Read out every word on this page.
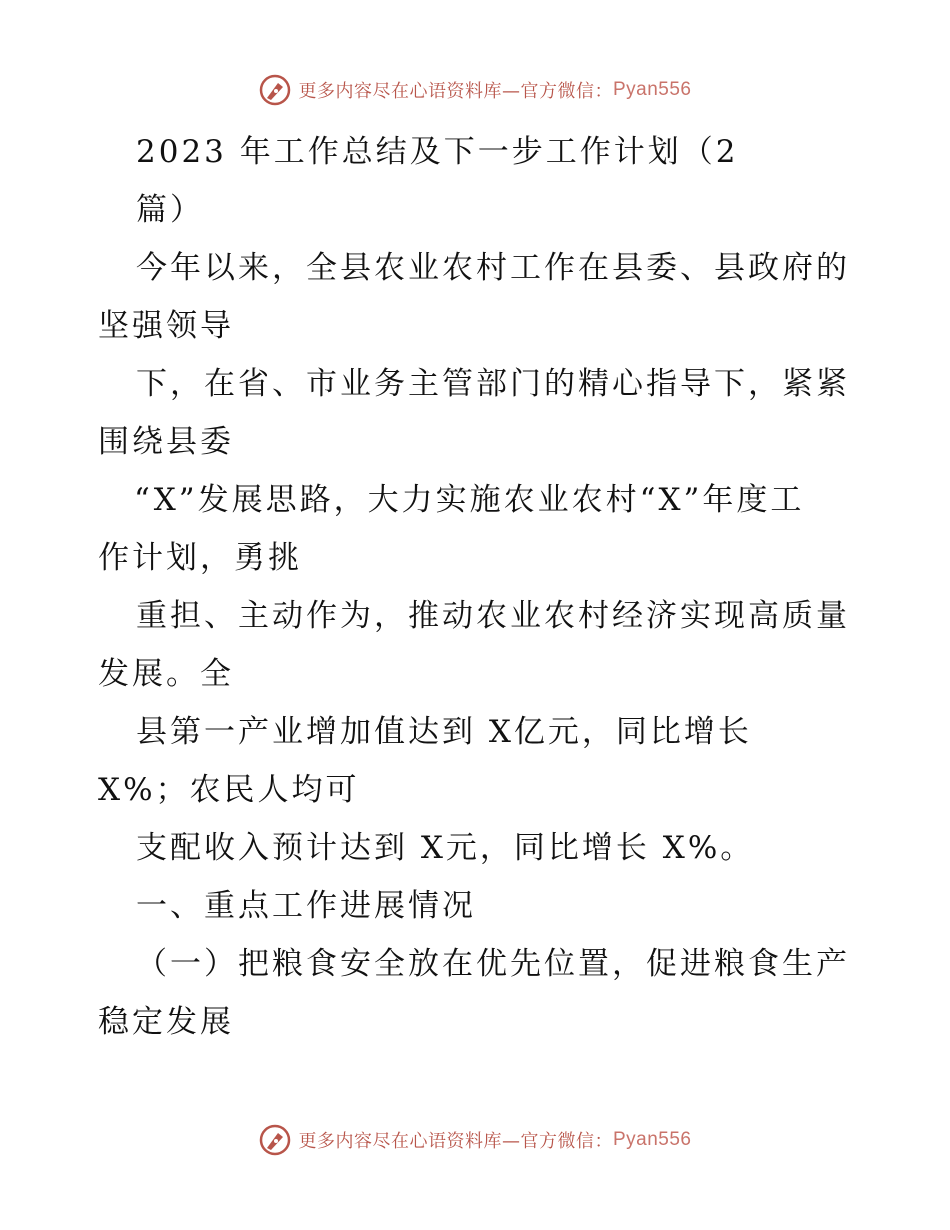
更多内容尽在心语资料库—官方微信： Pyan556
2023 年工作总结及下一步工作计划（2
篇）
今年以来，全县农业农村工作在县委、县政府的
坚强领导
下，在省、市业务主管部门的精心指导下，紧紧
围绕县委
“X”发展思路，大力实施农业农村“X”年度工
作计划，勇挑
重担、主动作为，推动农业农村经济实现高质量
发展。全
县第一产业增加值达到 X亿元，同比增长
X%；农民人均可
支配收入预计达到 X元，同比增长 X%。
一、重点工作进展情况
（一）把粮食安全放在优先位置，促进粮食生产
稳定发展
更多内容尽在心语资料库—官方微信： Pyan556
